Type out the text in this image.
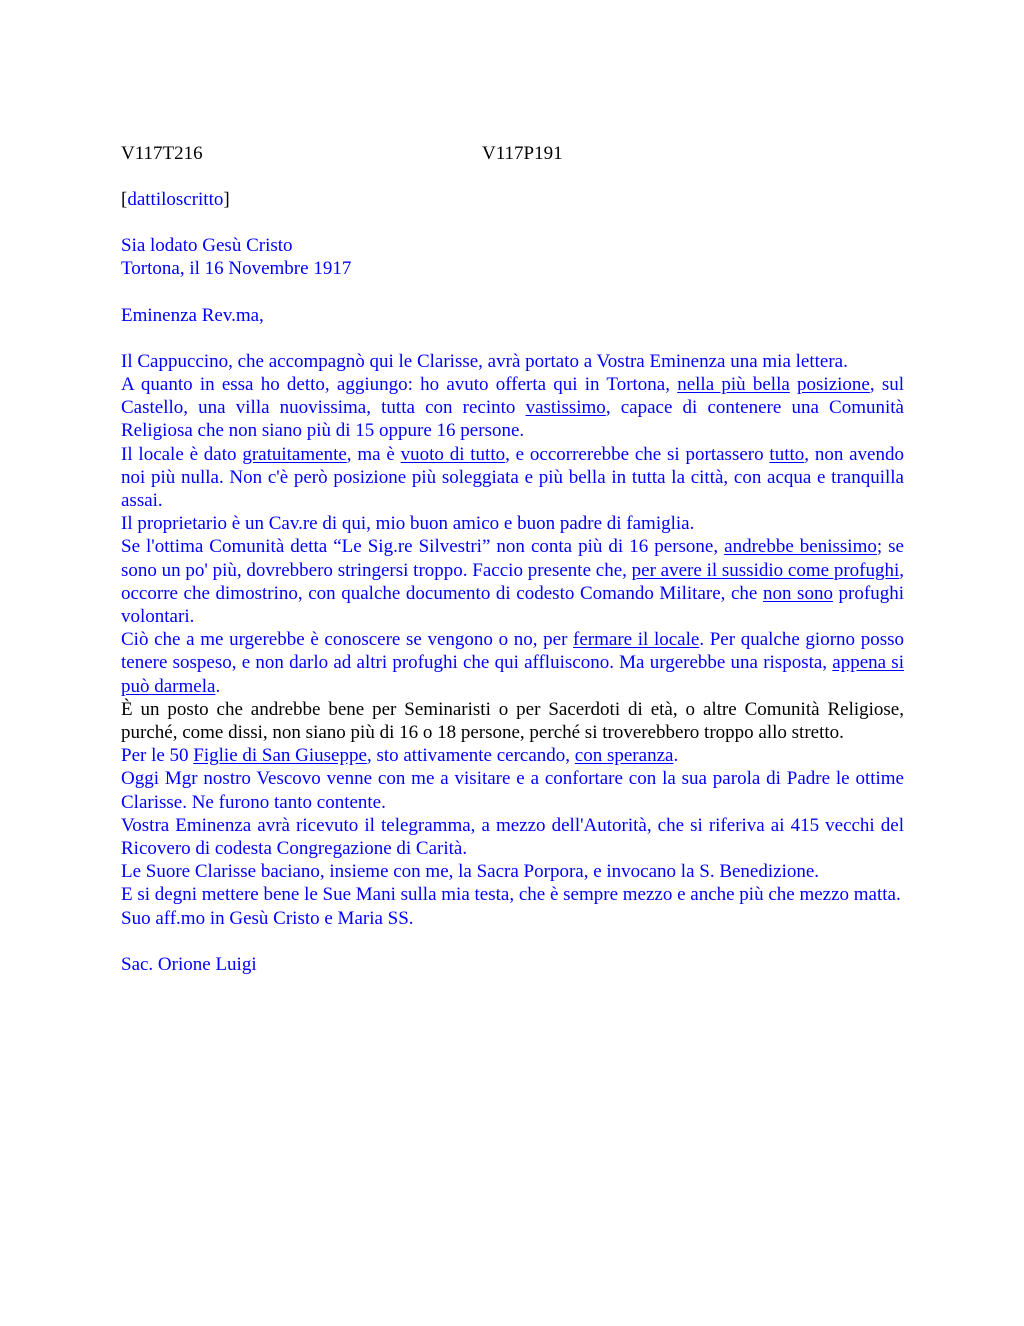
V117T216	V117P191
[dattiloscritto]
Sia lodato Gesù Cristo
Tortona, il 16 Novembre 1917
Eminenza Rev.ma,

Il Cappuccino, che accompagnò qui le Clarisse, avrà portato a Vostra Eminenza una mia lettera.

A quanto in essa ho detto, aggiungo: ho avuto offerta qui in Tortona, nella più bella posizione, sul Castello, una villa nuovissima, tutta con recinto vastissimo, capace di contenere una Comunità Religiosa che non siano più di 15 oppure 16 persone.

Il locale è dato gratuitamente, ma è vuoto di tutto, e occorrerebbe che si portassero tutto, non avendo noi più nulla. Non c'è però posizione più soleggiata e più bella in tutta la città, con acqua e tranquilla assai.

Il proprietario è un Cav.re di qui, mio buon amico e buon padre di famiglia.

Se l'ottima Comunità detta “Le Sig.re Silvestri” non conta più di 16 persone, andrebbe benissimo; se sono un po' più, dovrebbero stringersi troppo. Faccio presente che, per avere il sussidio come profughi, occorre che dimostrino, con qualche documento di codesto Comando Militare, che non sono profughi volontari.

Ciò che a me urgerebbe è conoscere se vengono o no, per fermare il locale. Per qualche giorno posso tenere sospeso, e non darlo ad altri profughi che qui affluiscono. Ma urgerebbe una risposta, appena si può darmela.

È un posto che andrebbe bene per Seminaristi o per Sacerdoti di età, o altre Comunità Religiose, purché, come dissi, non siano più di 16 o 18 persone, perché si troverebbero troppo allo stretto.

Per le 50 Figlie di San Giuseppe, sto attivamente cercando, con speranza.

Oggi Mgr nostro Vescovo venne con me a visitare e a confortare con la sua parola di Padre le ottime Clarisse. Ne furono tanto contente.

Vostra Eminenza avrà ricevuto il telegramma, a mezzo dell'Autorità, che si riferiva ai 415 vecchi del Ricovero di codesta Congregazione di Carità.

Le Suore Clarisse baciano, insieme con me, la Sacra Porpora, e invocano la S. Benedizione.

E si degni mettere bene le Sue Mani sulla mia testa, che è sempre mezzo e anche più che mezzo matta.

Suo aff.mo in Gesù Cristo e Maria SS.

Sac. Orione Luigi
